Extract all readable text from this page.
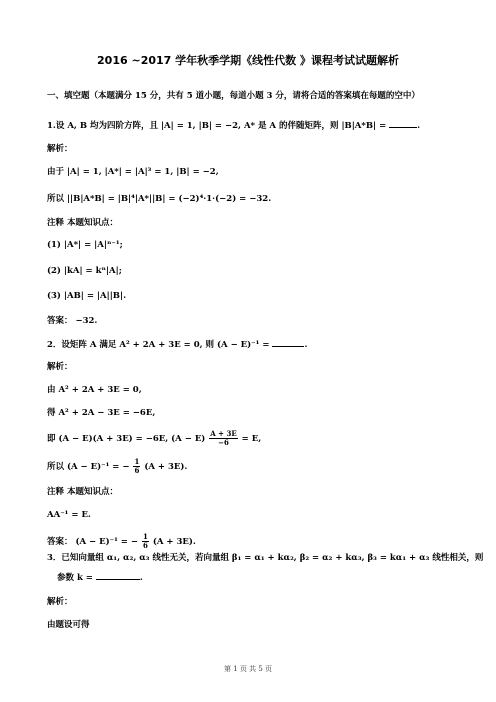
2016 ~2017 学年秋季学期《线性代数 》课程考试试题解析
一、填空题（本题满分 15 分，共有 5 道小题，每道小题 3 分，请将合适的答案填在每题的空中）
1.设 A, B 均为四阶方阵，且 |A| = 1, |B| = −2, A* 是 A 的伴随矩阵，则 |B|A*B| =	.
解析：
由于 |A| = 1, |A*| = |A|³ = 1, |B| = −2,
所以 ||B|A*B| = |B|⁴|A*||B| = (−2)⁴·1·(−2) = −32.
注释 本题知识点：
(1) |A*| = |A|ⁿ⁻¹;
(2) |kA| = kⁿ|A|;
(3) |AB| = |A||B|.
答案： −32.
2．设矩阵 A 满足 A² + 2A + 3E = 0, 则 (A − E)⁻¹ =	.
解析：
由 A² + 2A + 3E = 0,
得 A² + 2A − 3E = −6E,
即 (A − E)(A + 3E) = −6E, $(A - E) \frac{A + 3E}{-6} = E$,
所以 (A − E)⁻¹ = − $\frac{1}{6} (A + 3E)$.
注释 本题知识点：
AA⁻¹ = E.
答案： (A − E)⁻¹ = − $\frac{1}{6} (A + 3E)$.
3．已知向量组 α₁, α₂, α₃ 线性无关，若向量组 β₁ = α₁ + kα₂, β₂ = α₂ + kα₃, β₃ = kα₁ + α₃ 线性相关，则
参数 k =	.
解析：
由题设可得
第 1 页 共 5 页
